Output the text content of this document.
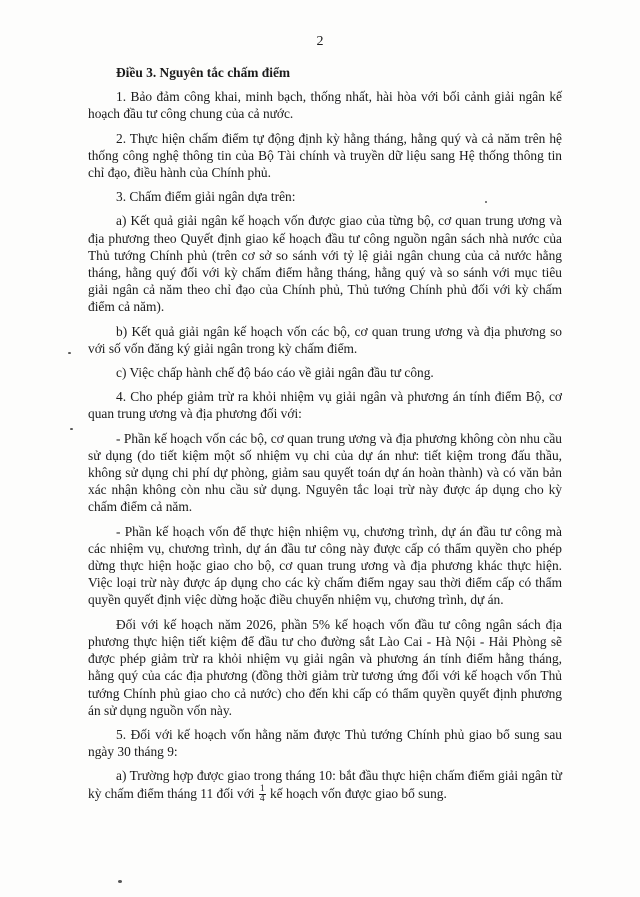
2
Điều 3. Nguyên tắc chấm điểm

1. Bảo đảm công khai, minh bạch, thống nhất, hài hòa với bối cảnh giải ngân kế hoạch đầu tư công chung của cả nước.

2. Thực hiện chấm điểm tự động định kỳ hằng tháng, hằng quý và cả năm trên hệ thống công nghệ thông tin của Bộ Tài chính và truyền dữ liệu sang Hệ thống thông tin chỉ đạo, điều hành của Chính phủ.

3. Chấm điểm giải ngân dựa trên:

a) Kết quả giải ngân kế hoạch vốn được giao của từng bộ, cơ quan trung ương và địa phương theo Quyết định giao kế hoạch đầu tư công nguồn ngân sách nhà nước của Thủ tướng Chính phủ (trên cơ sở so sánh với tỷ lệ giải ngân chung của cả nước hằng tháng, hằng quý đối với kỳ chấm điểm hằng tháng, hằng quý và so sánh với mục tiêu giải ngân cả năm theo chỉ đạo của Chính phủ, Thủ tướng Chính phủ đối với kỳ chấm điểm cả năm).

b) Kết quả giải ngân kế hoạch vốn các bộ, cơ quan trung ương và địa phương so với số vốn đăng ký giải ngân trong kỳ chấm điểm.

c) Việc chấp hành chế độ báo cáo về giải ngân đầu tư công.

4. Cho phép giảm trừ ra khỏi nhiệm vụ giải ngân và phương án tính điểm Bộ, cơ quan trung ương và địa phương đối với:

- Phần kế hoạch vốn các bộ, cơ quan trung ương và địa phương không còn nhu cầu sử dụng (do tiết kiệm một số nhiệm vụ chi của dự án như: tiết kiệm trong đấu thầu, không sử dụng chi phí dự phòng, giảm sau quyết toán dự án hoàn thành) và có văn bản xác nhận không còn nhu cầu sử dụng. Nguyên tắc loại trừ này được áp dụng cho kỳ chấm điểm cả năm.

- Phần kế hoạch vốn để thực hiện nhiệm vụ, chương trình, dự án đầu tư công mà các nhiệm vụ, chương trình, dự án đầu tư công này được cấp có thẩm quyền cho phép dừng thực hiện hoặc giao cho bộ, cơ quan trung ương và địa phương khác thực hiện. Việc loại trừ này được áp dụng cho các kỳ chấm điểm ngay sau thời điểm cấp có thẩm quyền quyết định việc dừng hoặc điều chuyển nhiệm vụ, chương trình, dự án.

Đối với kế hoạch năm 2026, phần 5% kế hoạch vốn đầu tư công ngân sách địa phương thực hiện tiết kiệm để đầu tư cho đường sắt Lào Cai - Hà Nội - Hải Phòng sẽ được phép giảm trừ ra khỏi nhiệm vụ giải ngân và phương án tính điểm hằng tháng, hằng quý của các địa phương (đồng thời giảm trừ tương ứng đối với kế hoạch vốn Thủ tướng Chính phủ giao cho cả nước) cho đến khi cấp có thẩm quyền quyết định phương án sử dụng nguồn vốn này.

5. Đối với kế hoạch vốn hằng năm được Thủ tướng Chính phủ giao bổ sung sau ngày 30 tháng 9:

a) Trường hợp được giao trong tháng 10: bắt đầu thực hiện chấm điểm giải ngân từ kỳ chấm điểm tháng 11 đối với $\frac{1}{4}$ kế hoạch vốn được giao bổ sung.
